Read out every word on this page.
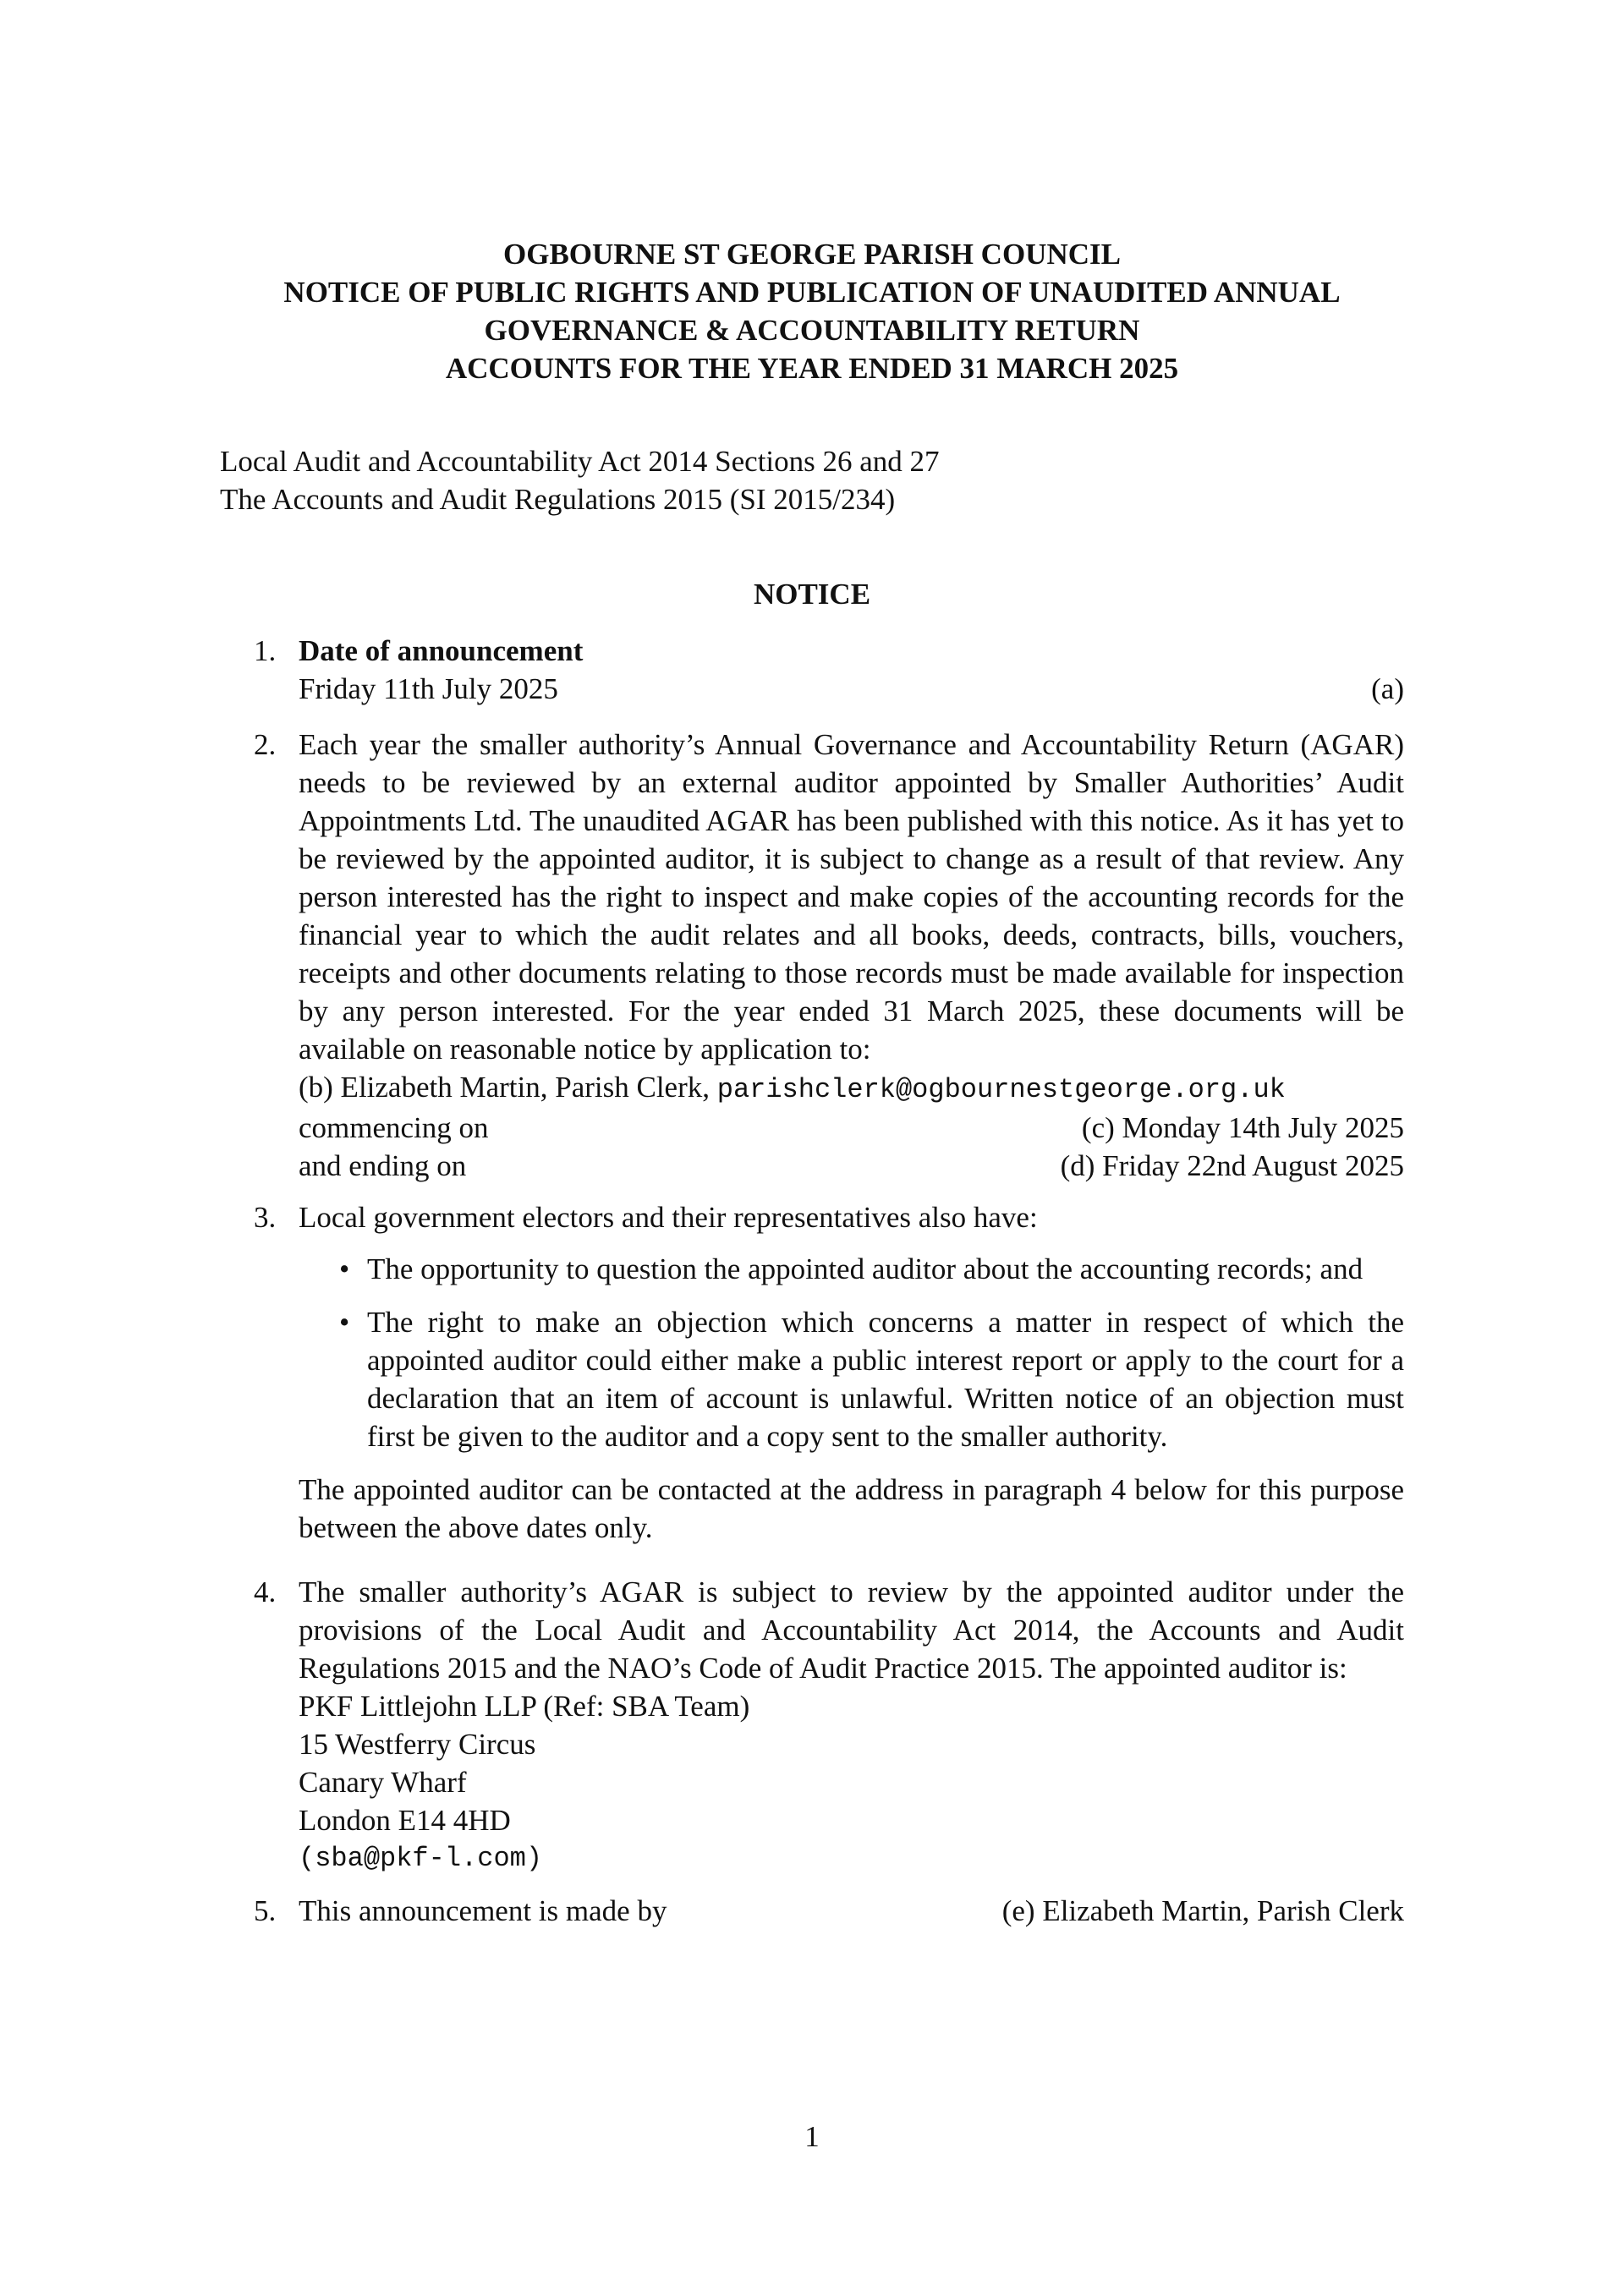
OGBOURNE ST GEORGE PARISH COUNCIL
NOTICE OF PUBLIC RIGHTS AND PUBLICATION OF UNAUDITED ANNUAL
GOVERNANCE & ACCOUNTABILITY RETURN
ACCOUNTS FOR THE YEAR ENDED 31 MARCH 2025
Local Audit and Accountability Act 2014 Sections 26 and 27
The Accounts and Audit Regulations 2015 (SI 2015/234)
NOTICE
1. Date of announcement
Friday 11th July 2025	(a)
2. Each year the smaller authority’s Annual Governance and Accountability Return (AGAR) needs to be reviewed by an external auditor appointed by Smaller Authorities’ Audit Appointments Ltd. The unaudited AGAR has been published with this notice. As it has yet to be reviewed by the appointed auditor, it is subject to change as a result of that review. Any person interested has the right to inspect and make copies of the accounting records for the financial year to which the audit relates and all books, deeds, contracts, bills, vouchers, receipts and other documents relating to those records must be made available for inspection by any person interested. For the year ended 31 March 2025, these documents will be available on reasonable notice by application to:
(b) Elizabeth Martin, Parish Clerk, parishclerk@ogbournestgeorge.org.uk
commencing on	(c) Monday 14th July 2025
and ending on	(d) Friday 22nd August 2025
3. Local government electors and their representatives also have:
• The opportunity to question the appointed auditor about the accounting records; and
• The right to make an objection which concerns a matter in respect of which the appointed auditor could either make a public interest report or apply to the court for a declaration that an item of account is unlawful. Written notice of an objection must first be given to the auditor and a copy sent to the smaller authority.
The appointed auditor can be contacted at the address in paragraph 4 below for this purpose between the above dates only.
4. The smaller authority’s AGAR is subject to review by the appointed auditor under the provisions of the Local Audit and Accountability Act 2014, the Accounts and Audit Regulations 2015 and the NAO’s Code of Audit Practice 2015. The appointed auditor is:
PKF Littlejohn LLP (Ref: SBA Team)
15 Westferry Circus
Canary Wharf
London E14 4HD
(sba@pkf-l.com)
5. This announcement is made by	(e) Elizabeth Martin, Parish Clerk
1
